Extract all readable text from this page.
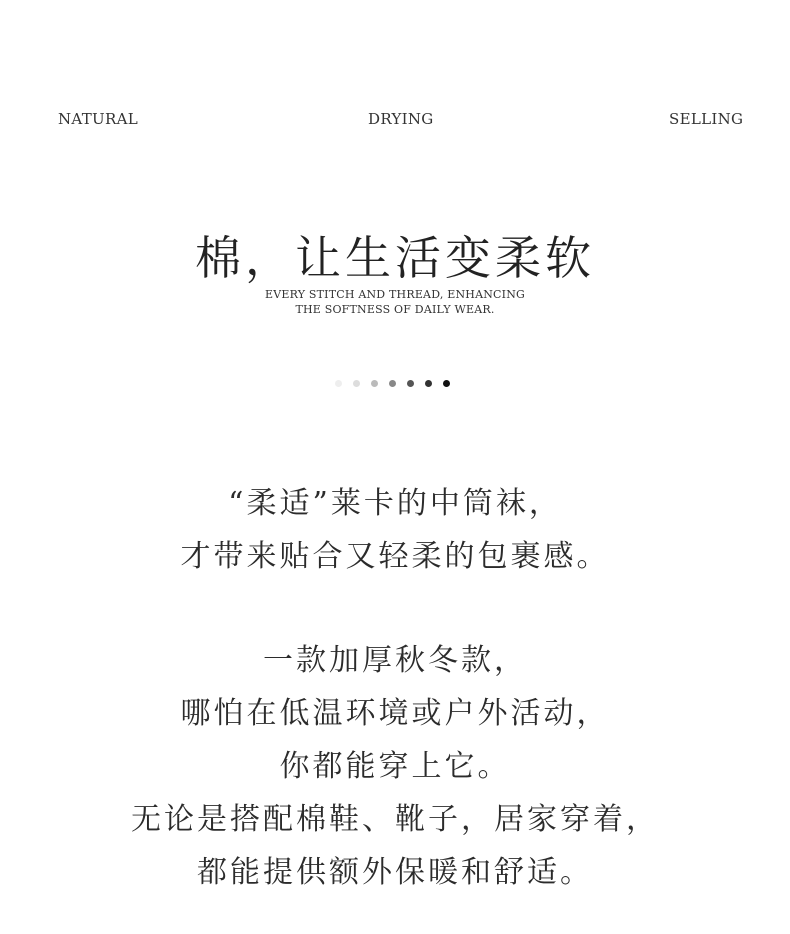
NATURAL	DRYING	SELLING
棉，让生活变柔软
EVERY STITCH AND THREAD, ENHANCING
THE SOFTNESS OF DAILY WEAR.
“柔适”莱卡的中筒袜，
才带来贴合又轻柔的包裹感。
一款加厚秋冬款，
哪怕在低温环境或户外活动，
你都能穿上它。
无论是搭配棉鞋、靴子，居家穿着，
都能提供额外保暖和舒适。
